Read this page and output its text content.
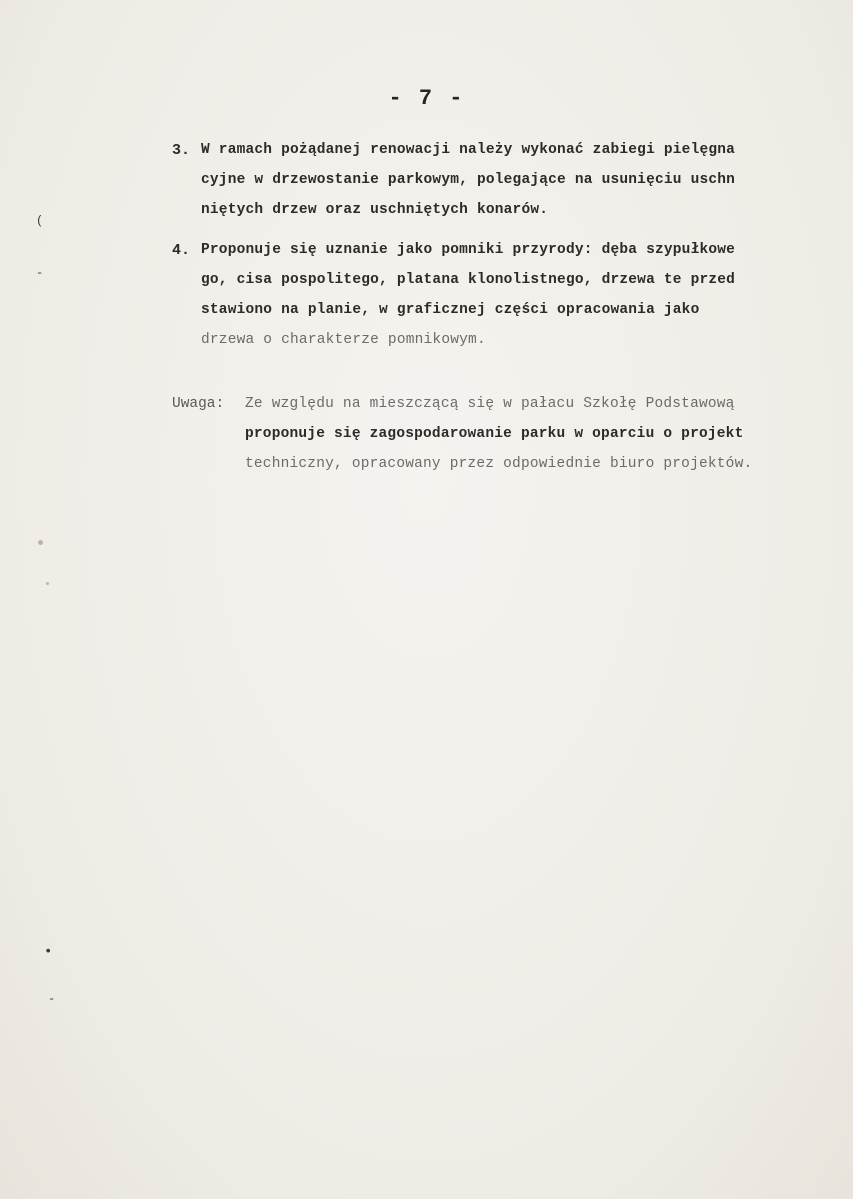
- 7 -
3. W ramach pożądanej renowacji należy wykonać zabiegi pielęgna
cyjne w drzewostanie parkowym, polegające na usunięciu uschn
niętych drzew oraz uschniętych konarów.
4. Proponuje się uznanie jako pomniki przyrody: dęba szypułkowe
go, cisa pospolitego, platana klonolistnego, drzewa te przed
stawiono na planie, w graficznej części opracowania jako
drzewa o charakterze pomnikowym.
Uwaga: Ze względu na mieszczącą się w pałacu Szkołę Podstawową
proponuje się zagospodarowanie parku w oparciu o projekt
techniczny, opracowany przez odpowiednie biuro projektów.
(
-
•
-
